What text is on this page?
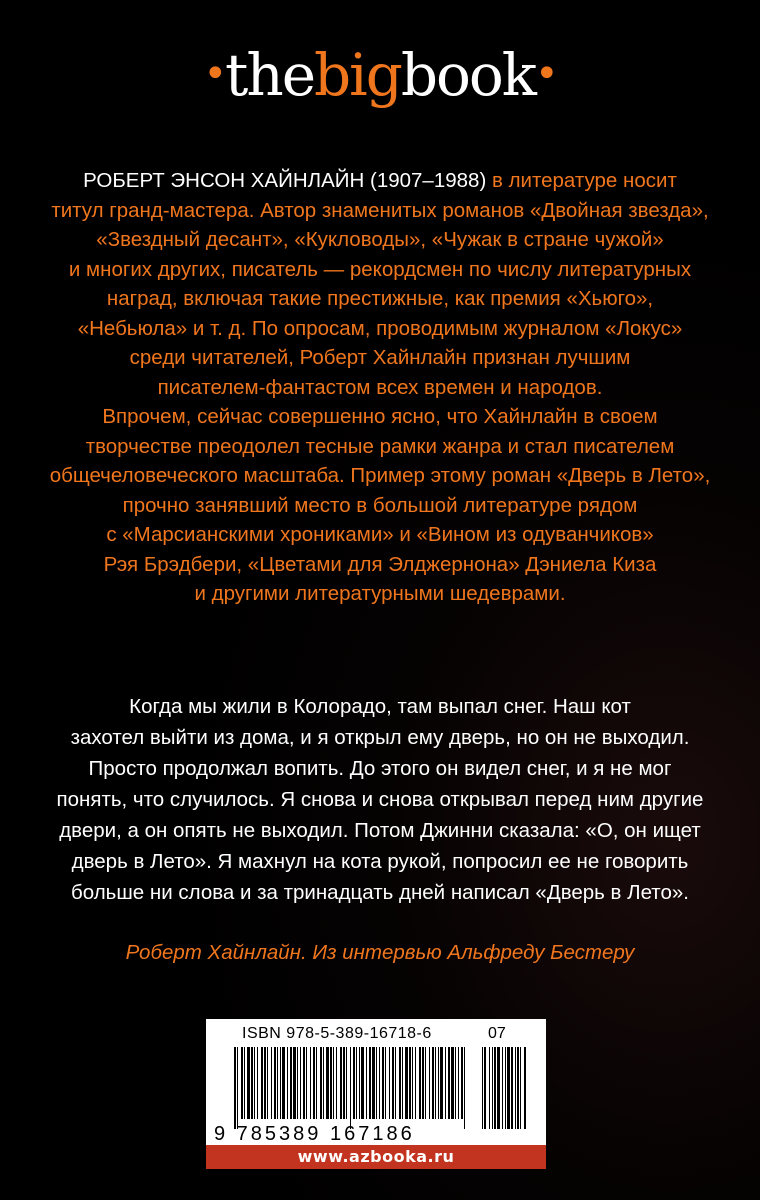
•thebigbook•
РОБЕРТ ЭНСОН ХАЙНЛАЙН (1907–1988) в литературе носит
титул гранд-мастера. Автор знаменитых романов «Двойная звезда»,
«Звездный десант», «Кукловоды», «Чужак в стране чужой»
и многих других, писатель — рекордсмен по числу литературных
наград, включая такие престижные, как премия «Хьюго»,
«Небьюла» и т. д. По опросам, проводимым журналом «Локус»
среди читателей, Роберт Хайнлайн признан лучшим
писателем-фантастом всех времен и народов.
Впрочем, сейчас совершенно ясно, что Хайнлайн в своем
творчестве преодолел тесные рамки жанра и стал писателем
общечеловеческого масштаба. Пример этому роман «Дверь в Лето»,
прочно занявший место в большой литературе рядом
с «Марсианскими хрониками» и «Вином из одуванчиков»
Рэя Брэдбери, «Цветами для Элджернона» Дэниела Киза
и другими литературными шедеврами.
Когда мы жили в Колорадо, там выпал снег. Наш кот
захотел выйти из дома, и я открыл ему дверь, но он не выходил.
Просто продолжал вопить. До этого он видел снег, и я не мог
понять, что случилось. Я снова и снова открывал перед ним другие
двери, а он опять не выходил. Потом Джинни сказала: «О, он ищет
дверь в Лето». Я махнул на кота рукой, попросил ее не говорить
больше ни слова и за тринадцать дней написал «Дверь в Лето».
Роберт Хайнлайн. Из интервью Альфреду Бестеру
ISBN 978-5-389-16718-6	07
9 785389 167186
www.azbooka.ru
